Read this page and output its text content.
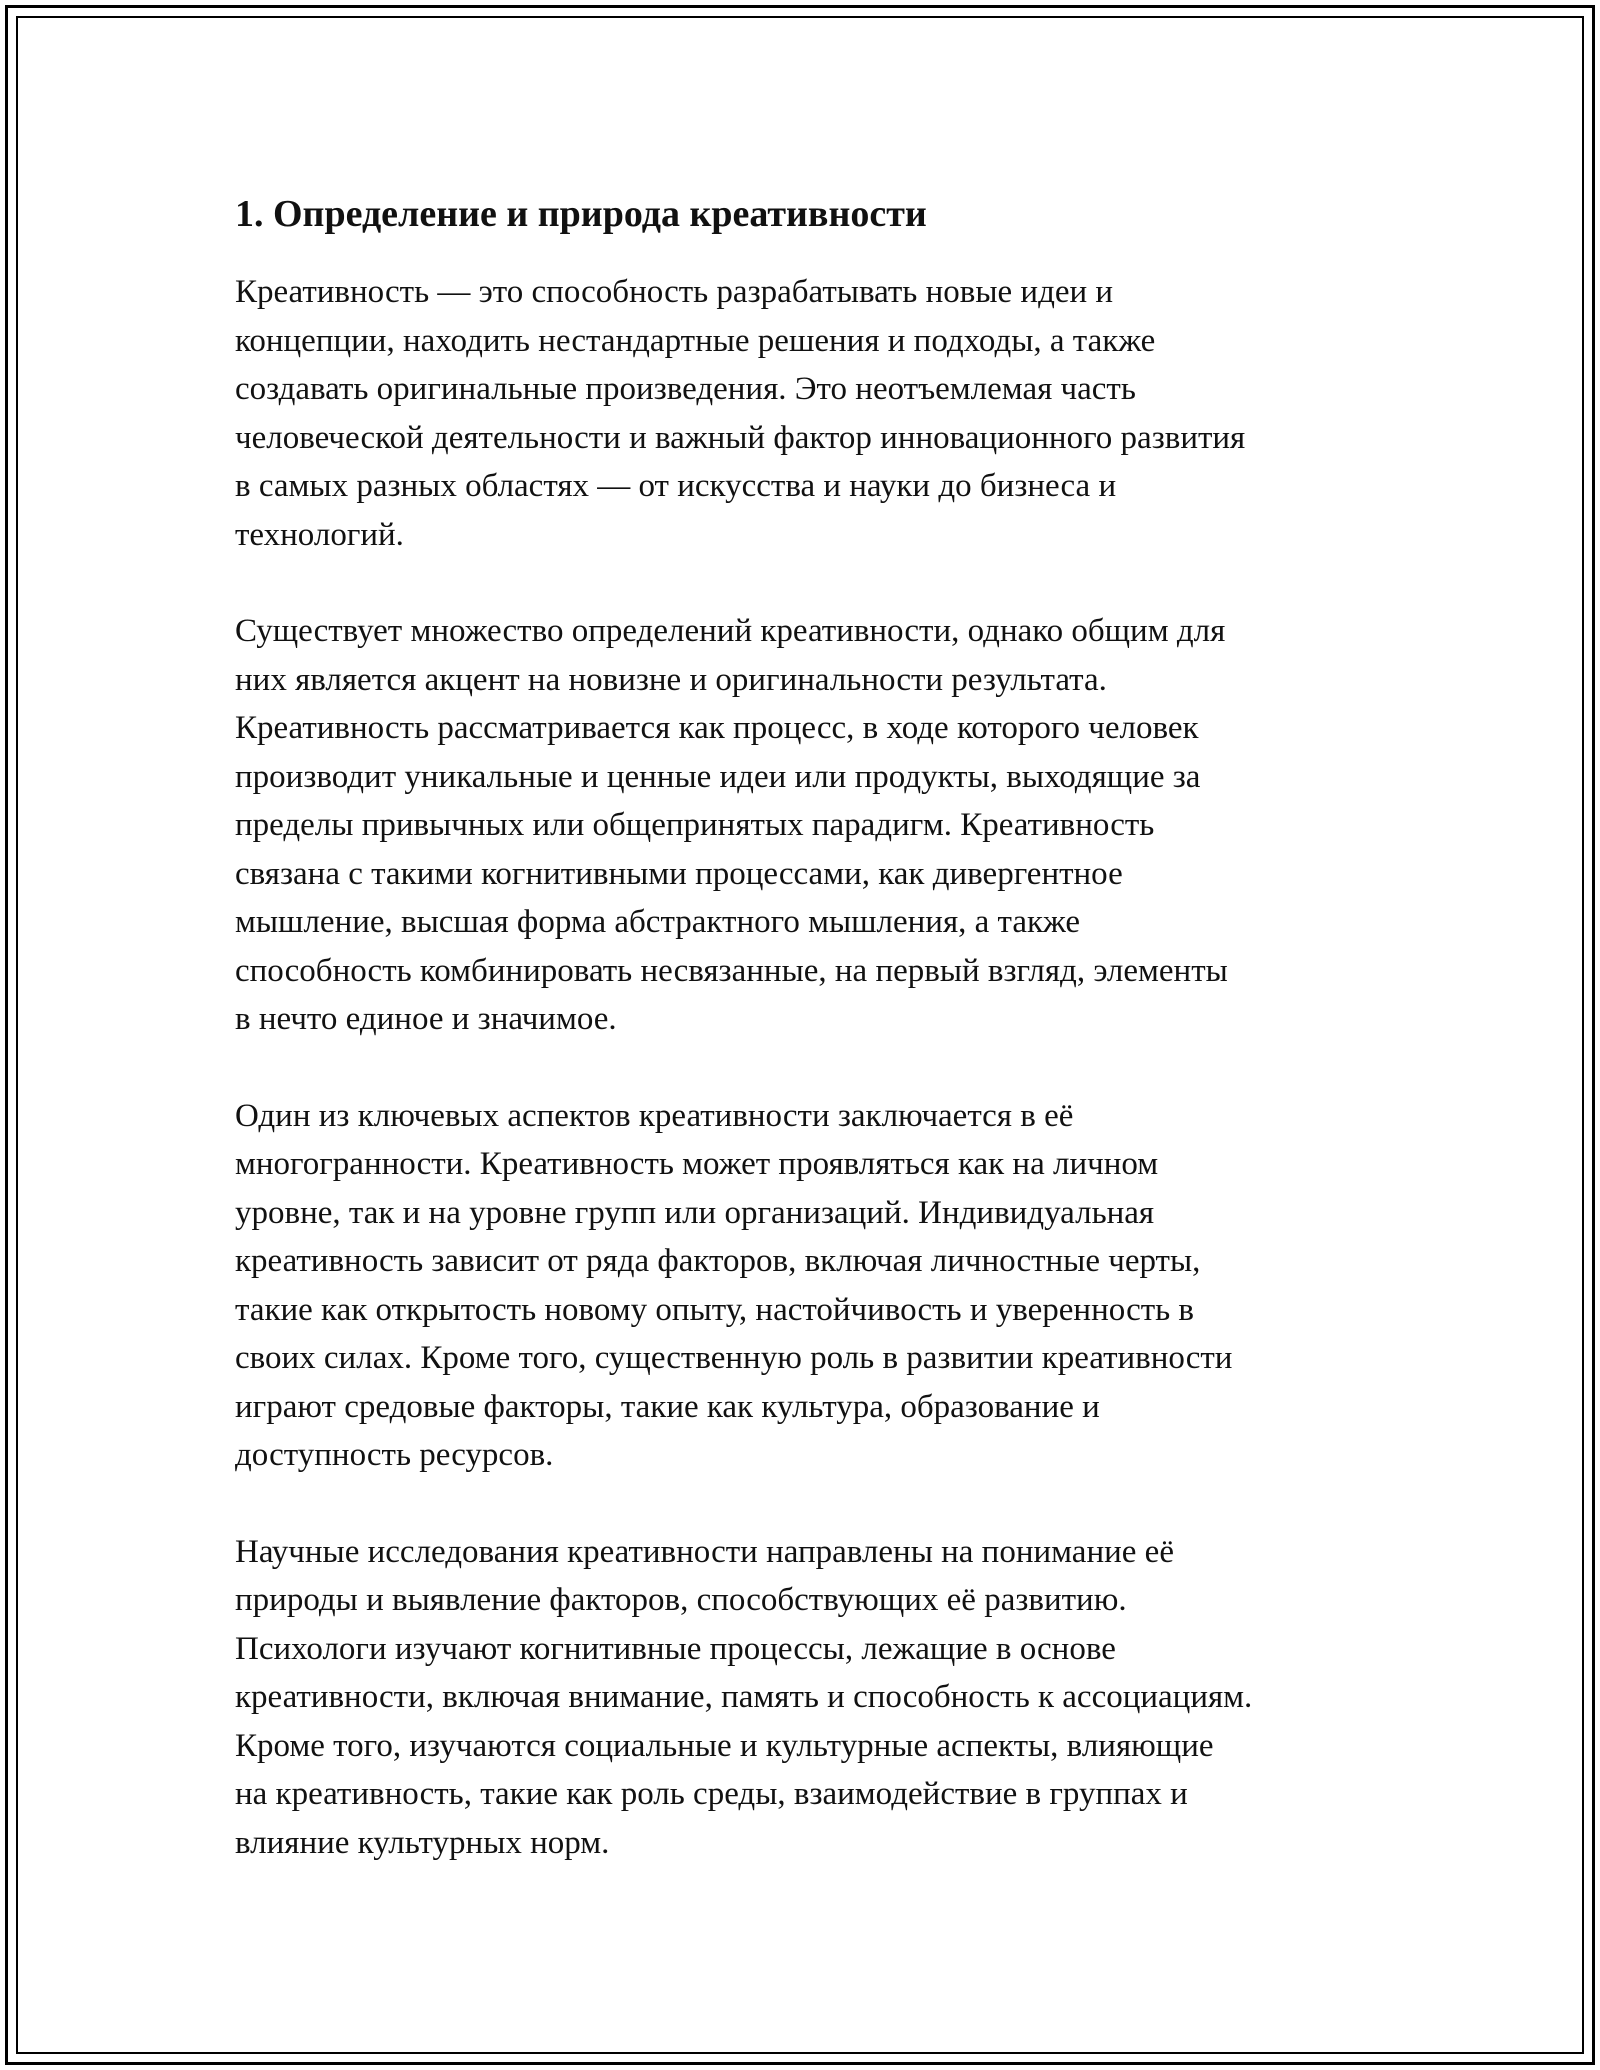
1. Определение и природа креативности

Креативность — это способность разрабатывать новые идеи и
концепции, находить нестандартные решения и подходы, а также
создавать оригинальные произведения. Это неотъемлемая часть
человеческой деятельности и важный фактор инновационного развития
в самых разных областях — от искусства и науки до бизнеса и
технологий.

Существует множество определений креативности, однако общим для
них является акцент на новизне и оригинальности результата.
Креативность рассматривается как процесс, в ходе которого человек
производит уникальные и ценные идеи или продукты, выходящие за
пределы привычных или общепринятых парадигм. Креативность
связана с такими когнитивными процессами, как дивергентное
мышление, высшая форма абстрактного мышления, а также
способность комбинировать несвязанные, на первый взгляд, элементы
в нечто единое и значимое.

Один из ключевых аспектов креативности заключается в её
многогранности. Креативность может проявляться как на личном
уровне, так и на уровне групп или организаций. Индивидуальная
креативность зависит от ряда факторов, включая личностные черты,
такие как открытость новому опыту, настойчивость и уверенность в
своих силах. Кроме того, существенную роль в развитии креативности
играют средовые факторы, такие как культура, образование и
доступность ресурсов.

Научные исследования креативности направлены на понимание её
природы и выявление факторов, способствующих её развитию.
Психологи изучают когнитивные процессы, лежащие в основе
креативности, включая внимание, память и способность к ассоциациям.
Кроме того, изучаются социальные и культурные аспекты, влияющие
на креативность, такие как роль среды, взаимодействие в группах и
влияние культурных норм.
